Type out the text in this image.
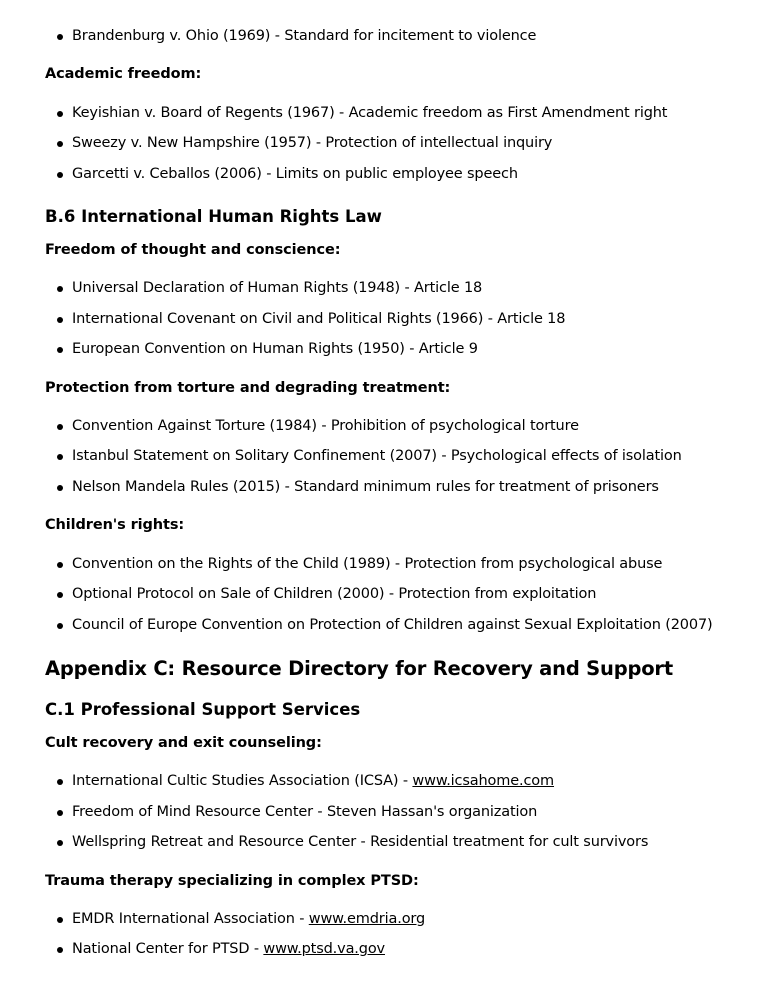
Brandenburg v. Ohio (1969) - Standard for incitement to violence
Academic freedom:
Keyishian v. Board of Regents (1967) - Academic freedom as First Amendment right
Sweezy v. New Hampshire (1957) - Protection of intellectual inquiry
Garcetti v. Ceballos (2006) - Limits on public employee speech
B.6 International Human Rights Law
Freedom of thought and conscience:
Universal Declaration of Human Rights (1948) - Article 18
International Covenant on Civil and Political Rights (1966) - Article 18
European Convention on Human Rights (1950) - Article 9
Protection from torture and degrading treatment:
Convention Against Torture (1984) - Prohibition of psychological torture
Istanbul Statement on Solitary Confinement (2007) - Psychological effects of isolation
Nelson Mandela Rules (2015) - Standard minimum rules for treatment of prisoners
Children's rights:
Convention on the Rights of the Child (1989) - Protection from psychological abuse
Optional Protocol on Sale of Children (2000) - Protection from exploitation
Council of Europe Convention on Protection of Children against Sexual Exploitation (2007)
Appendix C: Resource Directory for Recovery and Support
C.1 Professional Support Services
Cult recovery and exit counseling:
International Cultic Studies Association (ICSA) - www.icsahome.com
Freedom of Mind Resource Center - Steven Hassan's organization
Wellspring Retreat and Resource Center - Residential treatment for cult survivors
Trauma therapy specializing in complex PTSD:
EMDR International Association - www.emdria.org
National Center for PTSD - www.ptsd.va.gov
